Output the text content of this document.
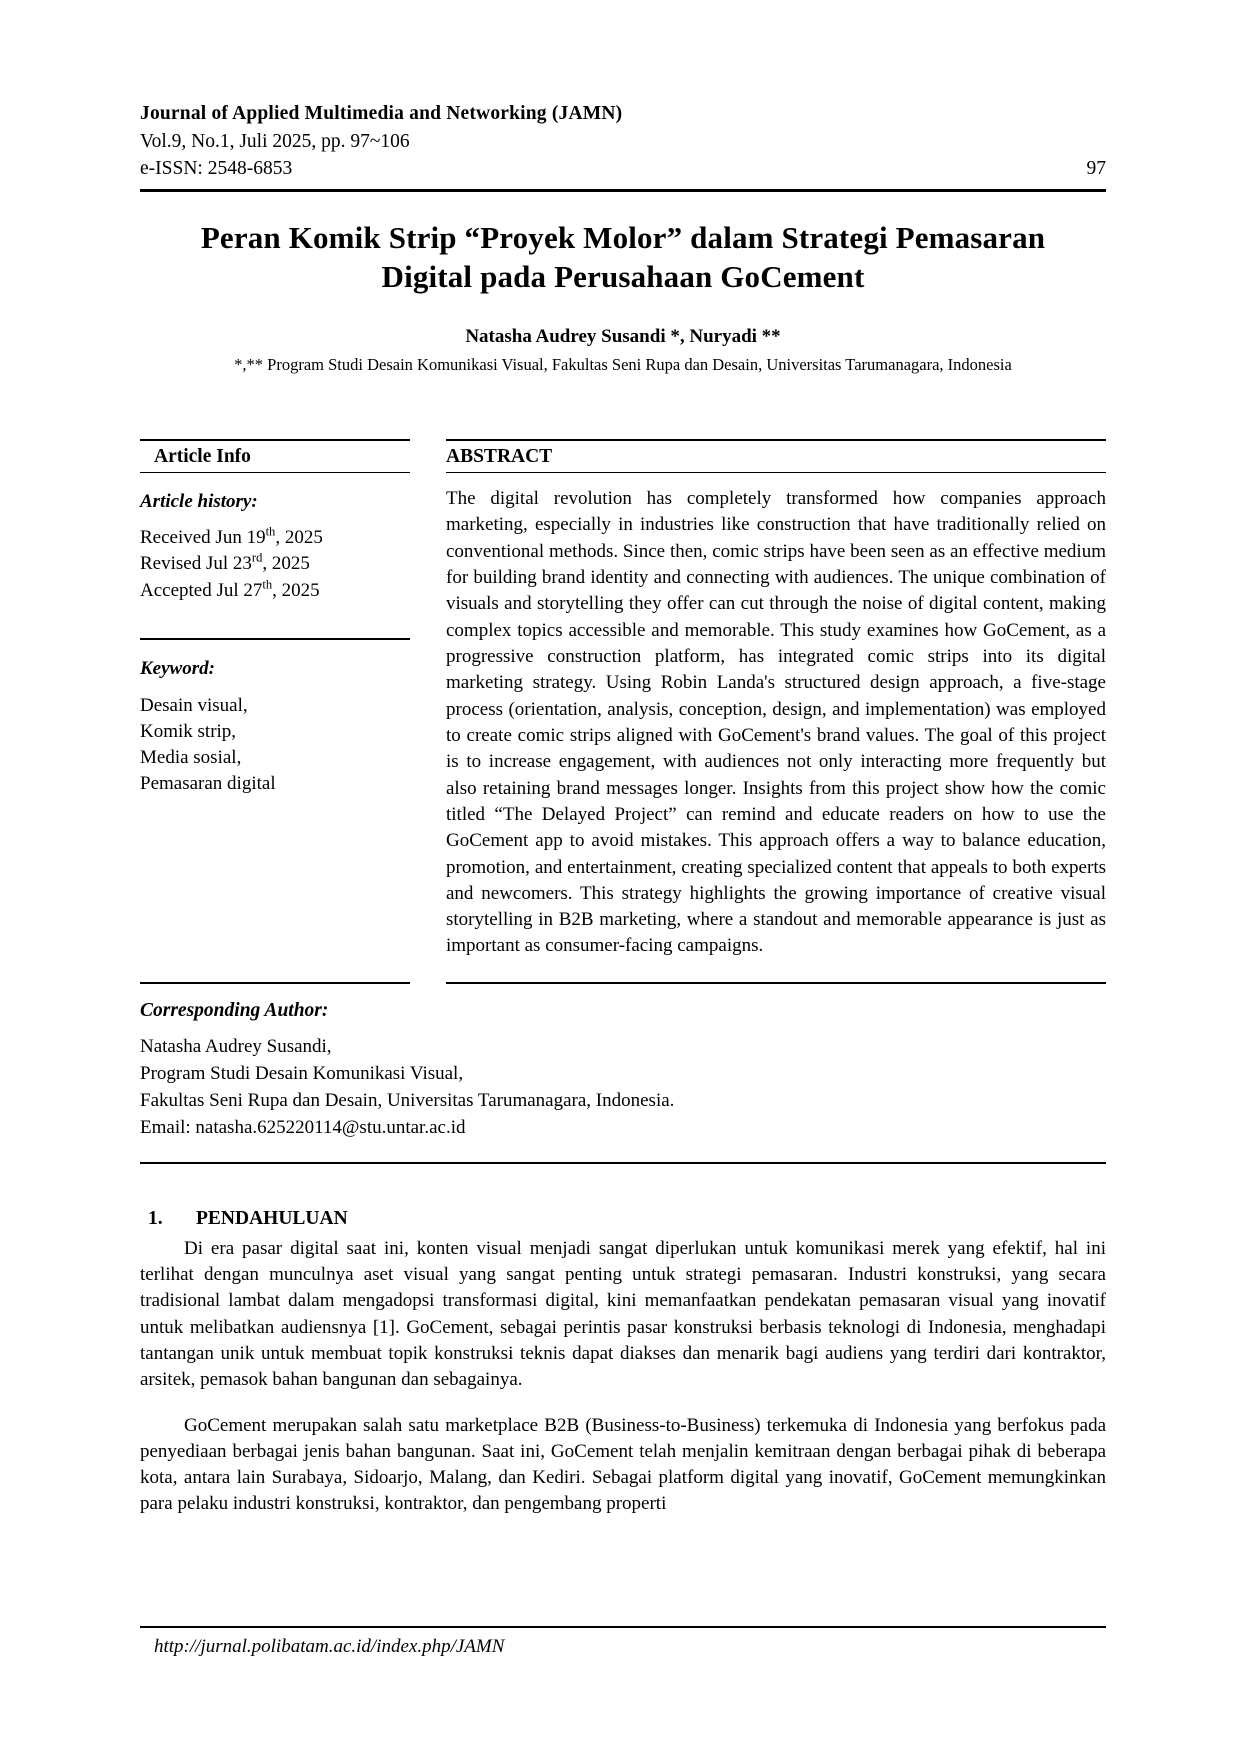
Journal of Applied Multimedia and Networking (JAMN)
Vol.9, No.1, Juli 2025, pp. 97~106
e-ISSN: 2548-6853	97
Peran Komik Strip “Proyek Molor” dalam Strategi Pemasaran Digital pada Perusahaan GoCement
Natasha Audrey Susandi *, Nuryadi **
*,** Program Studi Desain Komunikasi Visual, Fakultas Seni Rupa dan Desain, Universitas Tarumanagara, Indonesia
Article Info
Article history:
Received Jun 19th, 2025
Revised Jul 23rd, 2025
Accepted Jul 27th, 2025
Keyword:
Desain visual,
Komik strip,
Media sosial,
Pemasaran digital
ABSTRACT
The digital revolution has completely transformed how companies approach marketing, especially in industries like construction that have traditionally relied on conventional methods. Since then, comic strips have been seen as an effective medium for building brand identity and connecting with audiences. The unique combination of visuals and storytelling they offer can cut through the noise of digital content, making complex topics accessible and memorable. This study examines how GoCement, as a progressive construction platform, has integrated comic strips into its digital marketing strategy. Using Robin Landa's structured design approach, a five-stage process (orientation, analysis, conception, design, and implementation) was employed to create comic strips aligned with GoCement's brand values. The goal of this project is to increase engagement, with audiences not only interacting more frequently but also retaining brand messages longer. Insights from this project show how the comic titled “The Delayed Project” can remind and educate readers on how to use the GoCement app to avoid mistakes. This approach offers a way to balance education, promotion, and entertainment, creating specialized content that appeals to both experts and newcomers. This strategy highlights the growing importance of creative visual storytelling in B2B marketing, where a standout and memorable appearance is just as important as consumer-facing campaigns.
Corresponding Author:
Natasha Audrey Susandi,
Program Studi Desain Komunikasi Visual,
Fakultas Seni Rupa dan Desain, Universitas Tarumanagara, Indonesia.
Email: natasha.625220114@stu.untar.ac.id
1.	PENDAHULUAN

Di era pasar digital saat ini, konten visual menjadi sangat diperlukan untuk komunikasi merek yang efektif, hal ini terlihat dengan munculnya aset visual yang sangat penting untuk strategi pemasaran. Industri konstruksi, yang secara tradisional lambat dalam mengadopsi transformasi digital, kini memanfaatkan pendekatan pemasaran visual yang inovatif untuk melibatkan audiensnya [1]. GoCement, sebagai perintis pasar konstruksi berbasis teknologi di Indonesia, menghadapi tantangan unik untuk membuat topik konstruksi teknis dapat diakses dan menarik bagi audiens yang terdiri dari kontraktor, arsitek, pemasok bahan bangunan dan sebagainya.

GoCement merupakan salah satu marketplace B2B (Business-to-Business) terkemuka di Indonesia yang berfokus pada penyediaan berbagai jenis bahan bangunan. Saat ini, GoCement telah menjalin kemitraan dengan berbagai pihak di beberapa kota, antara lain Surabaya, Sidoarjo, Malang, dan Kediri. Sebagai platform digital yang inovatif, GoCement memungkinkan para pelaku industri konstruksi, kontraktor, dan pengembang properti

http://jurnal.polibatam.ac.id/index.php/JAMN
